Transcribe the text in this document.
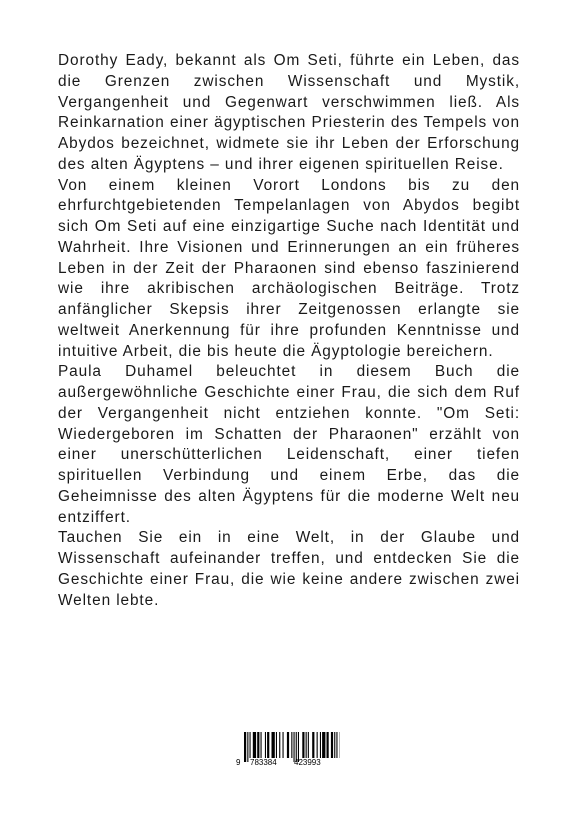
Dorothy Eady, bekannt als Om Seti, führte ein Leben, das die Grenzen zwischen Wissenschaft und Mystik, Vergangenheit und Gegenwart verschwimmen ließ. Als Reinkarnation einer ägyptischen Priesterin des Tempels von Abydos bezeichnet, widmete sie ihr Leben der Erforschung des alten Ägyptens – und ihrer eigenen spirituellen Reise.

Von einem kleinen Vorort Londons bis zu den ehrfurchtgebietenden Tempelanlagen von Abydos begibt sich Om Seti auf eine einzigartige Suche nach Identität und Wahrheit. Ihre Visionen und Erinnerungen an ein früheres Leben in der Zeit der Pharaonen sind ebenso faszinierend wie ihre akribischen archäologischen Beiträge. Trotz anfänglicher Skepsis ihrer Zeitgenossen erlangte sie weltweit Anerkennung für ihre profunden Kenntnisse und intuitive Arbeit, die bis heute die Ägyptologie bereichern.

Paula Duhamel beleuchtet in diesem Buch die außergewöhnliche Geschichte einer Frau, die sich dem Ruf der Vergangenheit nicht entziehen konnte. "Om Seti: Wiedergeboren im Schatten der Pharaonen" erzählt von einer unerschütterlichen Leidenschaft, einer tiefen spirituellen Verbindung und einem Erbe, das die Geheimnisse des alten Ägyptens für die moderne Welt neu entziffert.

Tauchen Sie ein in eine Welt, in der Glaube und Wissenschaft aufeinander treffen, und entdecken Sie die Geschichte einer Frau, die wie keine andere zwischen zwei Welten lebte.

9 783384 423993
